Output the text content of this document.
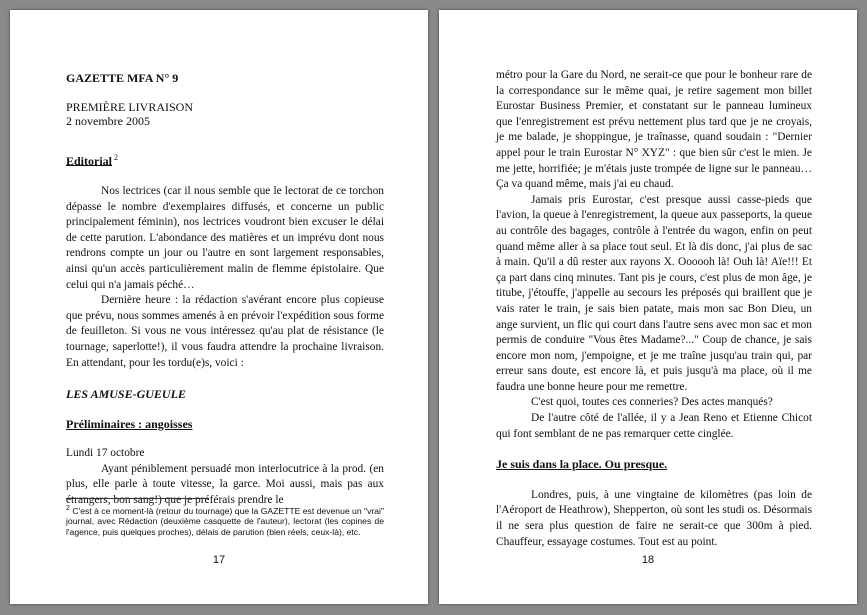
GAZETTE MFA N° 9

PREMIÈRE LIVRAISON

2 novembre 2005

Editorial $^2$

Nos lectrices (car il nous semble que le lectorat de ce torchon dépasse le nombre d'exemplaires diffusés, et concerne un public principalement féminin), nos lectrices voudront bien excuser le délai de cette parution. L'abondance des matières et un imprévu dont nous rendrons compte un jour ou l'autre en sont largement responsables, ainsi qu'un accès particulièrement malin de flemme épistolaire. Que celui qui n'a jamais péché…

Dernière heure : la rédaction s'avérant encore plus copieuse que prévu, nous sommes amenés à en prévoir l'expédition sous forme de feuilleton. Si vous ne vous intéressez qu'au plat de résistance (le tournage, saperlotte!), il vous faudra attendre la prochaine livraison. En attendant, pour les tordu(e)s, voici :

LES AMUSE-GUEULE

Préliminaires : angoisses

Lundi 17 octobre

Ayant péniblement persuadé mon interlocutrice à la prod. (en plus, elle parle à toute vitesse, la garce. Moi aussi, mais pas aux étrangers, bon sang!) que je préférais prendre le

$^2$ C'est à ce moment-là (retour du tournage) que la GAZETTE est devenue un "vrai" journal, avec Rédaction (deuxième casquette de l'auteur), lectorat (les copines de l'agence, puis quelques proches), délais de parution (bien réels, ceux-là), etc.
17

métro pour la Gare du Nord, ne serait-ce que pour le bonheur rare de la correspondance sur le même quai, je retire sagement mon billet Eurostar Business Premier, et constatant sur le panneau lumineux que l'enregistrement est prévu nettement plus tard que je ne croyais, je me balade, je shoppingue, je traînasse, quand soudain : "Dernier appel pour le train Eurostar N° XYZ" : que bien sûr c'est le mien. Je me jette, horrifiée; je m'étais juste trompée de ligne sur le panneau…Ça va quand même, mais j'ai eu chaud.

Jamais pris Eurostar, c'est presque aussi casse-pieds que l'avion, la queue à l'enregistrement, la queue aux passeports, la queue au contrôle des bagages, contrôle à l'entrée du wagon, enfin on peut quand même aller à sa place tout seul. Et là dis donc, j'ai plus de sac à main. Qu'il a dû rester aux rayons X. Oooooh là! Ouh là! Aïe!!! Et ça part dans cinq minutes. Tant pis je cours, c'est plus de mon âge, je titube, j'étouffe, j'appelle au secours les préposés qui braillent que je vais rater le train, je sais bien patate, mais mon sac Bon Dieu, un ange survient, un flic qui court dans l'autre sens avec mon sac et mon permis de conduire "Vous êtes Madame?..." Coup de chance, je sais encore mon nom, j'empoigne, et je me traîne jusqu'au train qui, par erreur sans doute, est encore là, et puis jusqu'à ma place, où il me faudra une bonne heure pour me remettre.

C'est quoi, toutes ces conneries? Des actes manqués?

De l'autre côté de l'allée, il y a Jean Reno et Etienne Chicot qui font semblant de ne pas remarquer cette cinglée.

Je suis dans la place. Ou presque.

Londres, puis, à une vingtaine de kilomètres (pas loin de l'Aéroport de Heathrow), Shepperton, où sont les studi os. Désormais il ne sera plus question de faire ne serait-ce que 300m à pied. Chauffeur, essayage costumes. Tout est au point.

18
